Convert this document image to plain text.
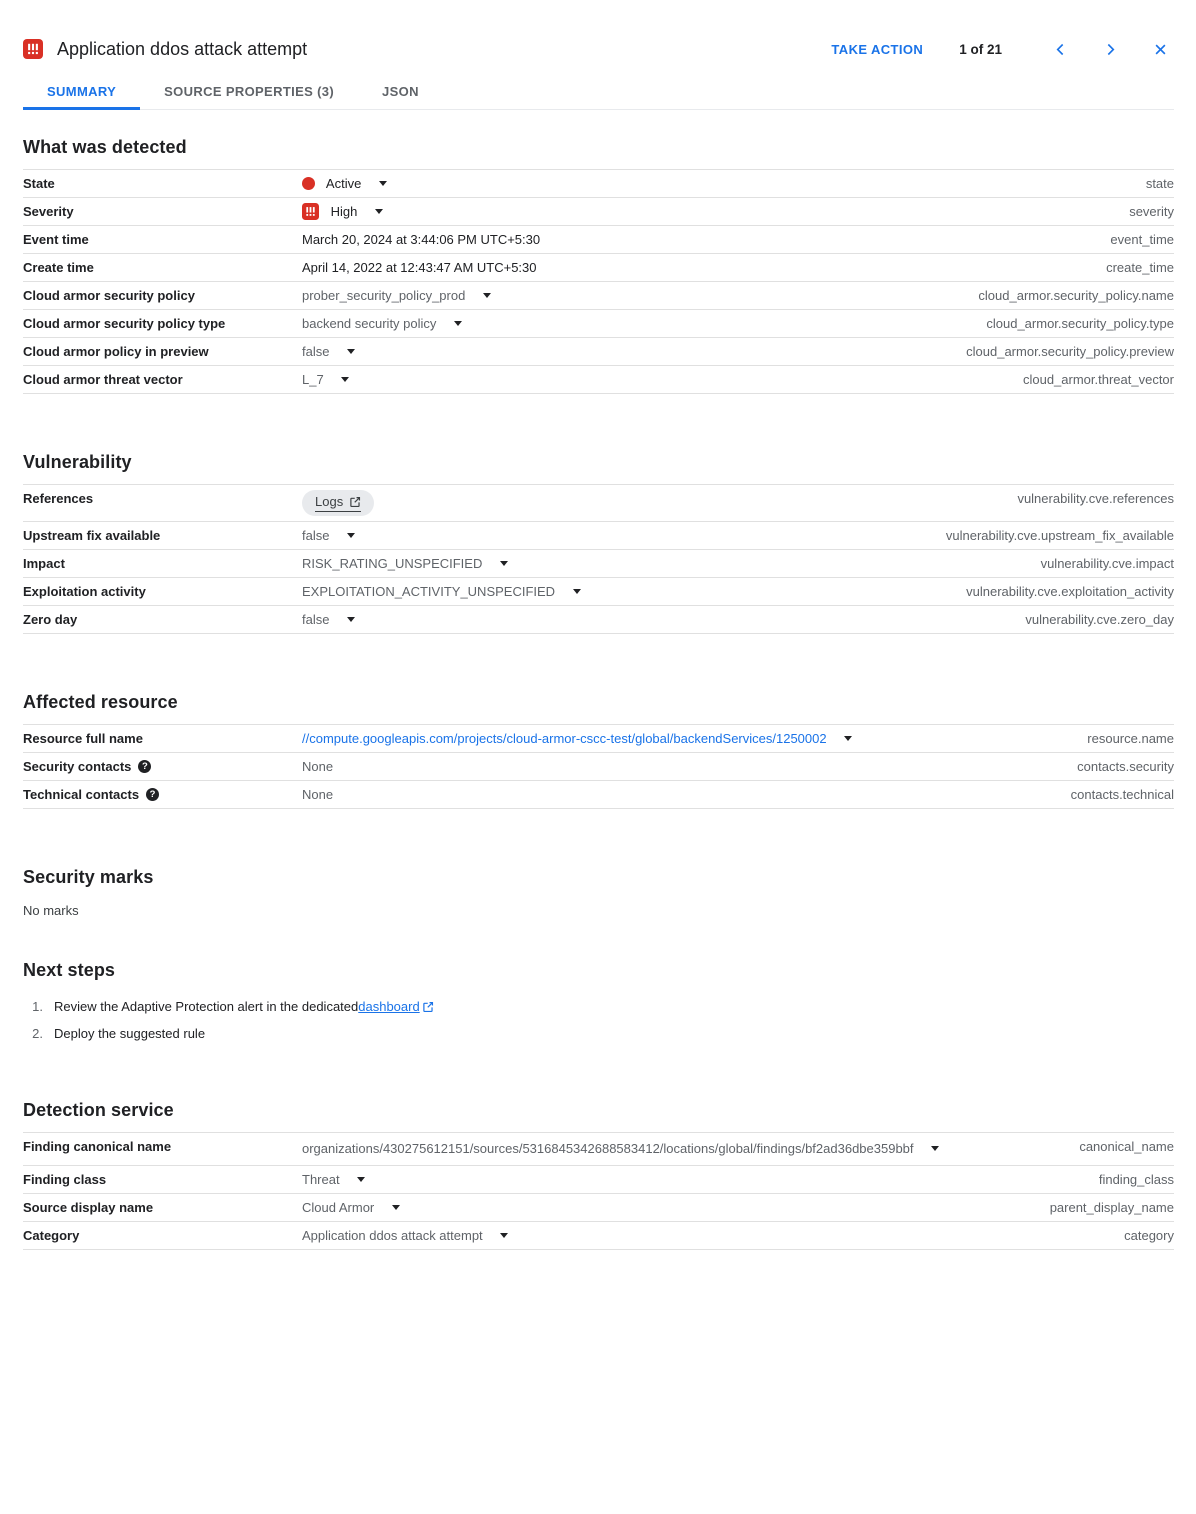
Application ddos attack attempt	TAKE ACTION	1 of 21
SUMMARY	SOURCE PROPERTIES (3)	JSON
What was detected
State	Active	state
Severity	High	severity
Event time	March 20, 2024 at 3:44:06 PM UTC+5:30	event_time
Create time	April 14, 2022 at 12:43:47 AM UTC+5:30	create_time
Cloud armor security policy	prober_security_policy_prod	cloud_armor.security_policy.name
Cloud armor security policy type	backend security policy	cloud_armor.security_policy.type
Cloud armor policy in preview	false	cloud_armor.security_policy.preview
Cloud armor threat vector	L_7	cloud_armor.threat_vector
Vulnerability
References	Logs	vulnerability.cve.references
Upstream fix available	false	vulnerability.cve.upstream_fix_available
Impact	RISK_RATING_UNSPECIFIED	vulnerability.cve.impact
Exploitation activity	EXPLOITATION_ACTIVITY_UNSPECIFIED	vulnerability.cve.exploitation_activity
Zero day	false	vulnerability.cve.zero_day
Affected resource
Resource full name	//compute.googleapis.com/projects/cloud-armor-cscc-test/global/backendServices/1250002	resource.name
Security contacts ?	None	contacts.security
Technical contacts ?	None	contacts.technical
Security marks
No marks
Next steps
1. Review the Adaptive Protection alert in the dedicated dashboard
2. Deploy the suggested rule
Detection service
Finding canonical name	organizations/430275612151/sources/5316845342688583412/locations/global/findings/bf2ad36dbe359bbf	canonical_name
Finding class	Threat	finding_class
Source display name	Cloud Armor	parent_display_name
Category	Application ddos attack attempt	category
